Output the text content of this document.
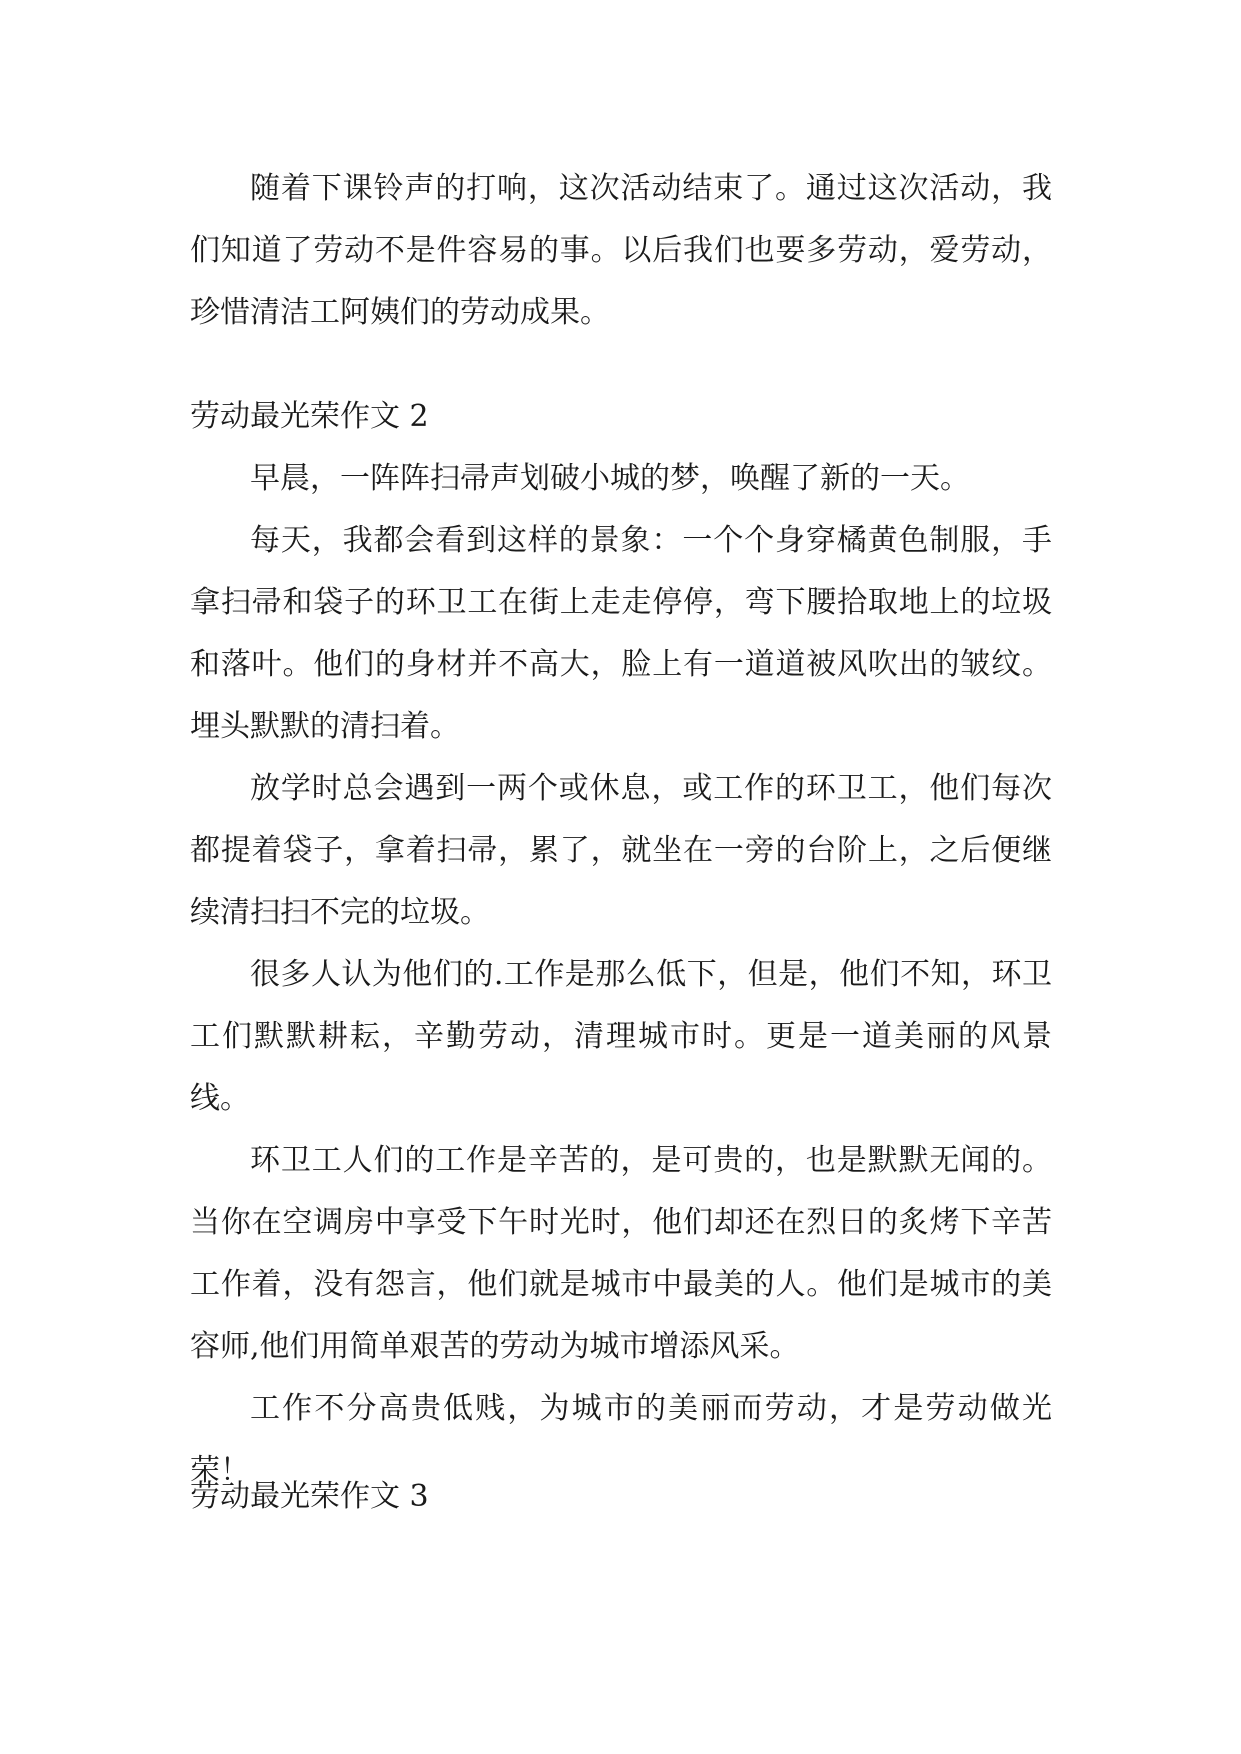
随着下课铃声的打响，这次活动结束了。通过这次活动，我们知道了劳动不是件容易的事。以后我们也要多劳动，爱劳动，珍惜清洁工阿姨们的劳动成果。

劳动最光荣作文 2

早晨，一阵阵扫帚声划破小城的梦，唤醒了新的一天。

每天，我都会看到这样的景象：一个个身穿橘黄色制服，手拿扫帚和袋子的环卫工在街上走走停停，弯下腰拾取地上的垃圾和落叶。他们的身材并不高大，脸上有一道道被风吹出的皱纹。埋头默默的清扫着。

放学时总会遇到一两个或休息，或工作的环卫工，他们每次都提着袋子，拿着扫帚，累了，就坐在一旁的台阶上，之后便继续清扫扫不完的垃圾。

很多人认为他们的.工作是那么低下，但是，他们不知，环卫工们默默耕耘，辛勤劳动，清理城市时。更是一道美丽的风景线。

环卫工人们的工作是辛苦的，是可贵的，也是默默无闻的。当你在空调房中享受下午时光时，他们却还在烈日的炙烤下辛苦工作着，没有怨言，他们就是城市中最美的人。他们是城市的美容师,他们用简单艰苦的劳动为城市增添风采。

工作不分高贵低贱，为城市的美丽而劳动，才是劳动做光荣！

劳动最光荣作文 3
